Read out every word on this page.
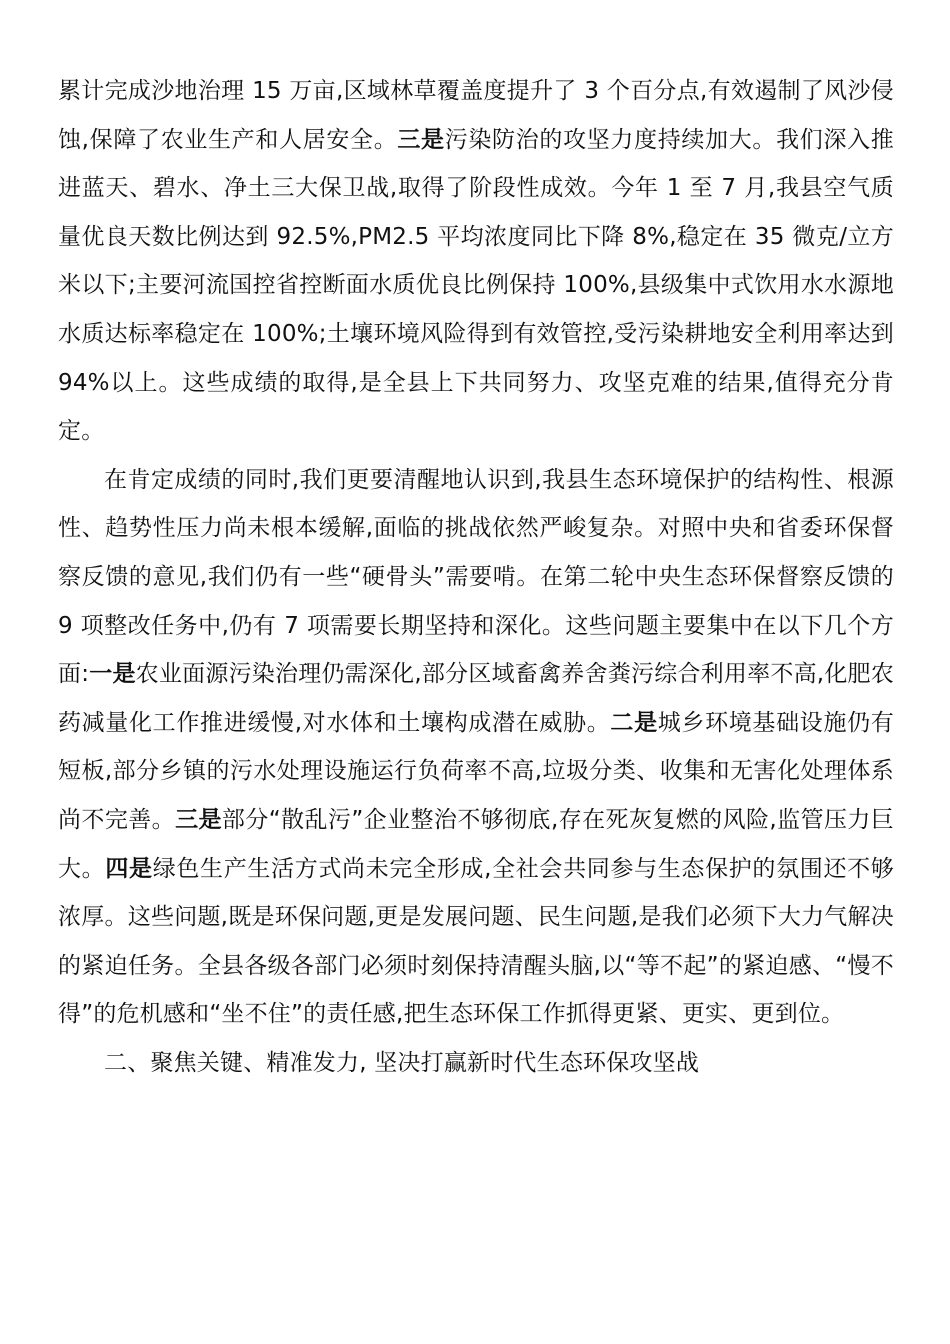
累计完成沙地治理 15 万亩,区域林草覆盖度提升了 3 个百分点,有效遏制了风沙侵蚀,保障了农业生产和人居安全。三是污染防治的攻坚力度持续加大。我们深入推进蓝天、碧水、净土三大保卫战,取得了阶段性成效。今年 1 至 7 月,我县空气质量优良天数比例达到 92.5%,PM2.5 平均浓度同比下降 8%,稳定在 35 微克/立方米以下;主要河流国控省控断面水质优良比例保持 100%,县级集中式饮用水水源地水质达标率稳定在 100%;土壤环境风险得到有效管控,受污染耕地安全利用率达到 94%以上。这些成绩的取得,是全县上下共同努力、攻坚克难的结果,值得充分肯定。

在肯定成绩的同时,我们更要清醒地认识到,我县生态环境保护的结构性、根源性、趋势性压力尚未根本缓解,面临的挑战依然严峻复杂。对照中央和省委环保督察反馈的意见,我们仍有一些“硬骨头”需要啃。在第二轮中央生态环保督察反馈的 9 项整改任务中,仍有 7 项需要长期坚持和深化。这些问题主要集中在以下几个方面:一是农业面源污染治理仍需深化,部分区域畜禽养舍粪污综合利用率不高,化肥农药减量化工作推进缓慢,对水体和土壤构成潜在威胁。二是城乡环境基础设施仍有短板,部分乡镇的污水处理设施运行负荷率不高,垃圾分类、收集和无害化处理体系尚不完善。三是部分“散乱污”企业整治不够彻底,存在死灰复燃的风险,监管压力巨大。四是绿色生产生活方式尚未完全形成,全社会共同参与生态保护的氛围还不够浓厚。这些问题,既是环保问题,更是发展问题、民生问题,是我们必须下大力气解决的紧迫任务。全县各级各部门必须时刻保持清醒头脑,以“等不起”的紧迫感、“慢不得”的危机感和“坐不住”的责任感,把生态环保工作抓得更紧、更实、更到位。

二、聚焦关键、精准发力, 坚决打赢新时代生态环保攻坚战
